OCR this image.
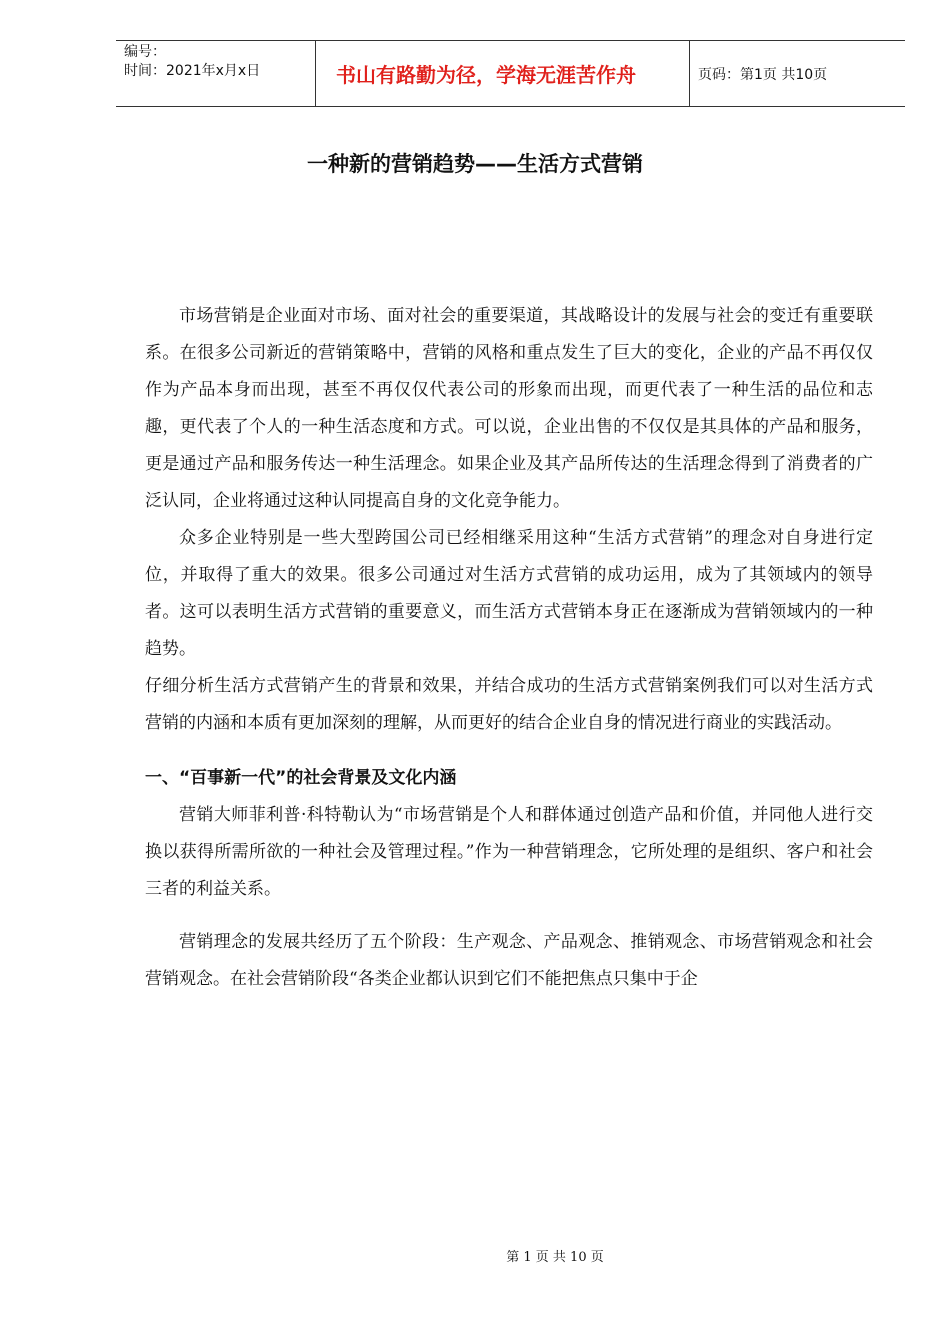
编号：
时间：2021年x月x日	书山有路勤为径，学海无涯苦作舟	页码：第1页 共10页
一种新的营销趋势——生活方式营销

市场营销是企业面对市场、面对社会的重要渠道，其战略设计的发展与社会的变迁有重要联系。在很多公司新近的营销策略中，营销的风格和重点发生了巨大的变化，企业的产品不再仅仅作为产品本身而出现，甚至不再仅仅代表公司的形象而出现，而更代表了一种生活的品位和志趣，更代表了个人的一种生活态度和方式。可以说，企业出售的不仅仅是其具体的产品和服务，更是通过产品和服务传达一种生活理念。如果企业及其产品所传达的生活理念得到了消费者的广泛认同，企业将通过这种认同提高自身的文化竞争能力。

众多企业特别是一些大型跨国公司已经相继采用这种“生活方式营销”的理念对自身进行定位，并取得了重大的效果。很多公司通过对生活方式营销的成功运用，成为了其领域内的领导者。这可以表明生活方式营销的重要意义，而生活方式营销本身正在逐渐成为营销领域内的一种趋势。

仔细分析生活方式营销产生的背景和效果，并结合成功的生活方式营销案例我们可以对生活方式营销的内涵和本质有更加深刻的理解，从而更好的结合企业自身的情况进行商业的实践活动。

一、“百事新一代”的社会背景及文化内涵

营销大师菲利普·科特勒认为“市场营销是个人和群体通过创造产品和价值，并同他人进行交换以获得所需所欲的一种社会及管理过程。”作为一种营销理念，它所处理的是组织、客户和社会三者的利益关系。

营销理念的发展共经历了五个阶段：生产观念、产品观念、推销观念、市场营销观念和社会营销观念。在社会营销阶段“各类企业都认识到它们不能把焦点只集中于企

第 1 页 共 10 页
